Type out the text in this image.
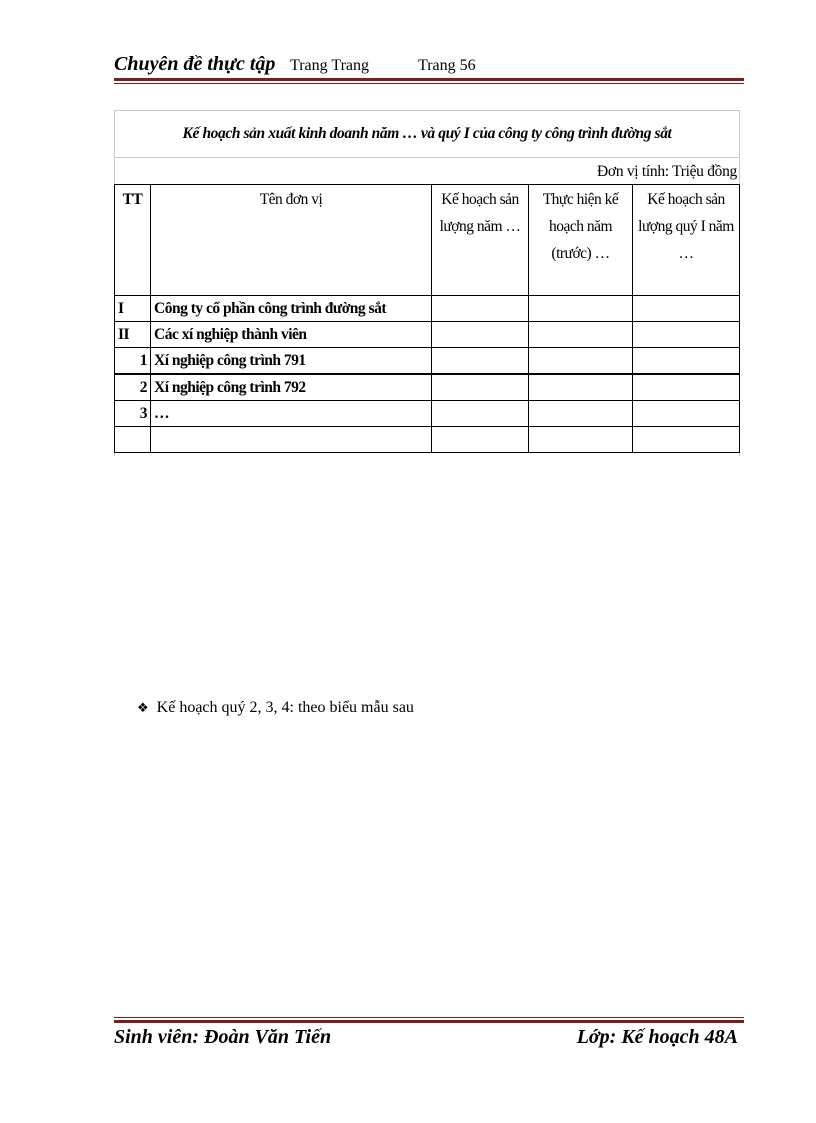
Chuyên đề thực tập Trang Trang	Trang 56
Kế hoạch sản xuất kinh doanh năm … và quý I của công ty công trình đường sắt
Đơn vị tính: Triệu đồng
TT	Tên đơn vị	Kế hoạch sản lượng năm …	Thực hiện kế hoạch năm (trước) …	Kế hoạch sản lượng quý I năm …
I	Công ty cổ phần công trình đường sắt			
II	Các xí nghiệp thành viên			
1	Xí nghiệp công trình 791			
2	Xí nghiệp công trình 792			
3	…			

❖ Kế hoạch quý 2, 3, 4: theo biểu mẫu sau
Sinh viên: Đoàn Văn Tiến	Lớp: Kế hoạch 48A
